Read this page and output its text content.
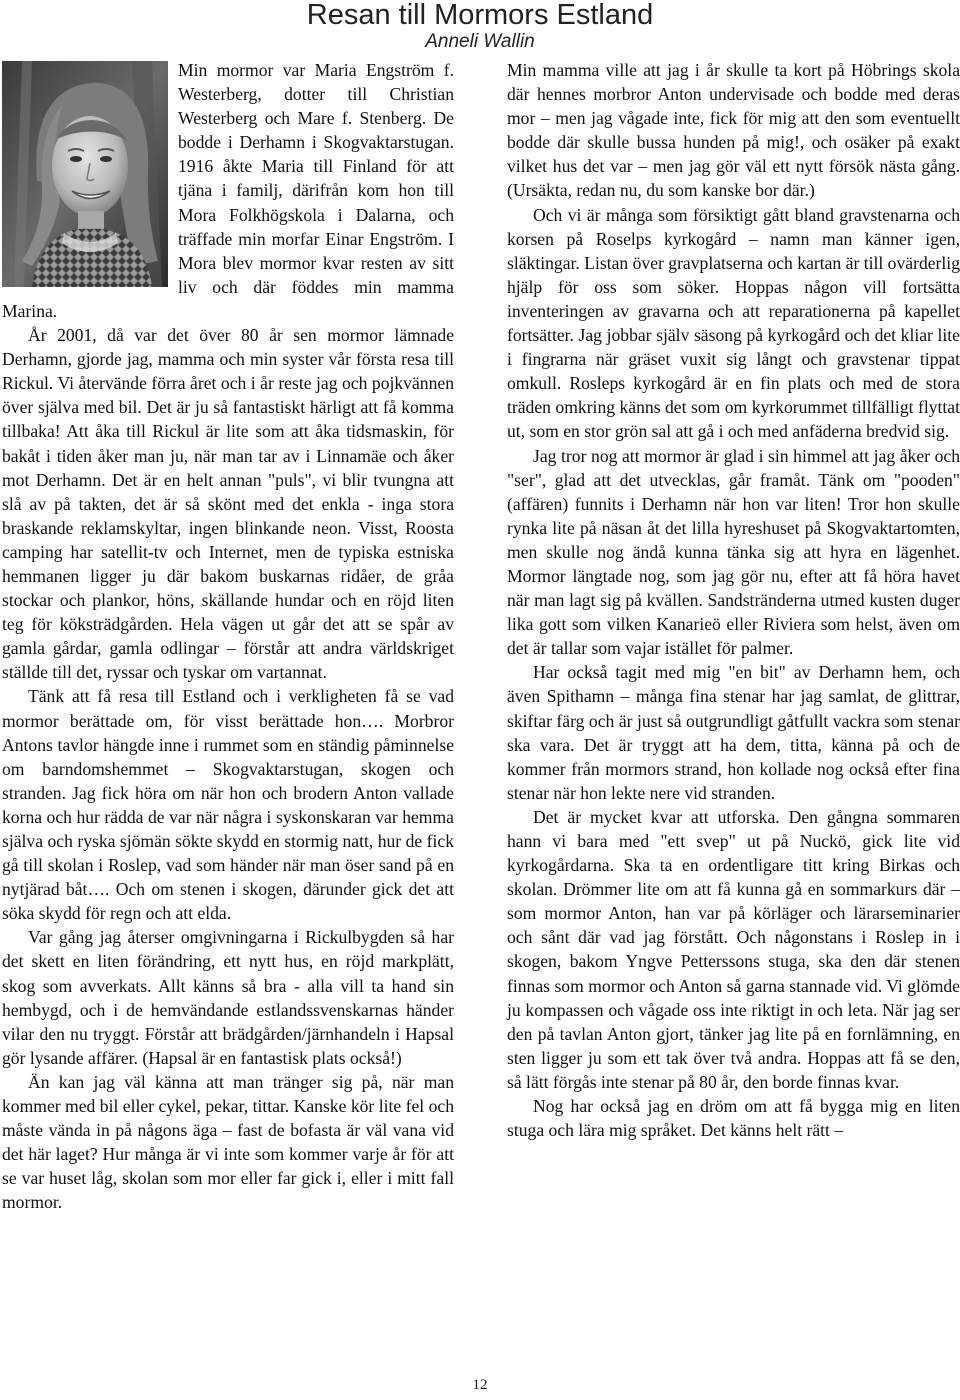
Resan till Mormors Estland
Anneli Wallin

Min mormor var Maria Engström f. Westerberg, dotter till Christian Westerberg och Mare f. Stenberg. De bodde i Derhamn i Skogvaktarstugan. 1916 åkte Maria till Finland för att tjäna i familj, därifrån kom hon till Mora Folkhögskola i Dalarna, och träffade min morfar Einar Engström. I Mora blev mormor kvar resten av sitt liv och där föddes min mamma Marina.

År 2001, då var det över 80 år sen mormor lämnade Derhamn, gjorde jag, mamma och min syster vår första resa till Rickul. Vi återvände förra året och i år reste jag och pojkvännen över själva med bil. Det är ju så fantastiskt härligt att få komma tillbaka! Att åka till Rickul är lite som att åka tidsmaskin, för bakåt i tiden åker man ju, när man tar av i Linnamäe och åker mot Derhamn. Det är en helt annan "puls", vi blir tvungna att slå av på takten, det är så skönt med det enkla - inga stora braskande reklamskyltar, ingen blinkande neon. Visst, Roosta camping har satellit-tv och Internet, men de typiska estniska hemmanen ligger ju där bakom buskarnas ridåer, de gråa stockar och plankor, höns, skällande hundar och en röjd liten teg för köksträdgården. Hela vägen ut går det att se spår av gamla gårdar, gamla odlingar – förstår att andra världskriget ställde till det, ryssar och tyskar om vartannat.

Tänk att få resa till Estland och i verkligheten få se vad mormor berättade om, för visst berättade hon…. Morbror Antons tavlor hängde inne i rummet som en ständig påminnelse om barndomshemmet – Skogvaktarstugan, skogen och stranden. Jag fick höra om när hon och brodern Anton vallade korna och hur rädda de var när några i syskonskaran var hemma själva och ryska sjömän sökte skydd en stormig natt, hur de fick gå till skolan i Roslep, vad som händer när man öser sand på en nytjärad båt…. Och om stenen i skogen, därunder gick det att söka skydd för regn och att elda.

Var gång jag återser omgivningarna i Rickulbygden så har det skett en liten förändring, ett nytt hus, en röjd markplätt, skog som avverkats. Allt känns så bra - alla vill ta hand sin hembygd, och i de hemvändande estlandssvenskarnas händer vilar den nu tryggt. Förstår att brädgården/järnhandeln i Hapsal gör lysande affärer. (Hapsal är en fantastisk plats också!)

Än kan jag väl känna att man tränger sig på, när man kommer med bil eller cykel, pekar, tittar. Kanske kör lite fel och måste vända in på någons äga – fast de bofasta är väl vana vid det här laget? Hur många är vi inte som kommer varje år för att se var huset låg, skolan som mor eller far gick i, eller i mitt fall mormor.

Min mamma ville att jag i år skulle ta kort på Höbrings skola där hennes morbror Anton undervisade och bodde med deras mor – men jag vågade inte, fick för mig att den som eventuellt bodde där skulle bussa hunden på mig!, och osäker på exakt vilket hus det var – men jag gör väl ett nytt försök nästa gång. (Ursäkta, redan nu, du som kanske bor där.)

Och vi är många som försiktigt gått bland gravstenarna och korsen på Roselps kyrkogård – namn man känner igen, släktingar. Listan över gravplatserna och kartan är till ovärderlig hjälp för oss som söker. Hoppas någon vill fortsätta inventeringen av gravarna och att reparationerna på kapellet fortsätter. Jag jobbar själv säsong på kyrkogård och det kliar lite i fingrarna när gräset vuxit sig långt och gravstenar tippat omkull. Rosleps kyrkogård är en fin plats och med de stora träden omkring känns det som om kyrkorummet tillfälligt flyttat ut, som en stor grön sal att gå i och med anfäderna bredvid sig.

Jag tror nog att mormor är glad i sin himmel att jag åker och "ser", glad att det utvecklas, går framåt. Tänk om "pooden" (affären) funnits i Derhamn när hon var liten! Tror hon skulle rynka lite på näsan åt det lilla hyreshuset på Skogvaktartomten, men skulle nog ändå kunna tänka sig att hyra en lägenhet. Mormor längtade nog, som jag gör nu, efter att få höra havet när man lagt sig på kvällen. Sandstränderna utmed kusten duger lika gott som vilken Kanarieö eller Riviera som helst, även om det är tallar som vajar istället för palmer.

Har också tagit med mig "en bit" av Derhamn hem, och även Spithamn – många fina stenar har jag samlat, de glittrar, skiftar färg och är just så outgrundligt gåtfullt vackra som stenar ska vara. Det är tryggt att ha dem, titta, känna på och de kommer från mormors strand, hon kollade nog också efter fina stenar när hon lekte nere vid stranden.

Det är mycket kvar att utforska. Den gångna sommaren hann vi bara med "ett svep" ut på Nuckö, gick lite vid kyrkogårdarna. Ska ta en ordentligare titt kring Birkas och skolan. Drömmer lite om att få kunna gå en sommarkurs där – som mormor Anton, han var på körläger och lärarseminarier och sånt där vad jag förstått. Och någonstans i Roslep in i skogen, bakom Yngve Petterssons stuga, ska den där stenen finnas som mormor och Anton så garna stannade vid. Vi glömde ju kompassen och vågade oss inte riktigt in och leta. När jag ser den på tavlan Anton gjort, tänker jag lite på en fornlämning, en sten ligger ju som ett tak över två andra. Hoppas att få se den, så lätt förgås inte stenar på 80 år, den borde finnas kvar.

Nog har också jag en dröm om att få bygga mig en liten stuga och lära mig språket. Det känns helt rätt –

12
